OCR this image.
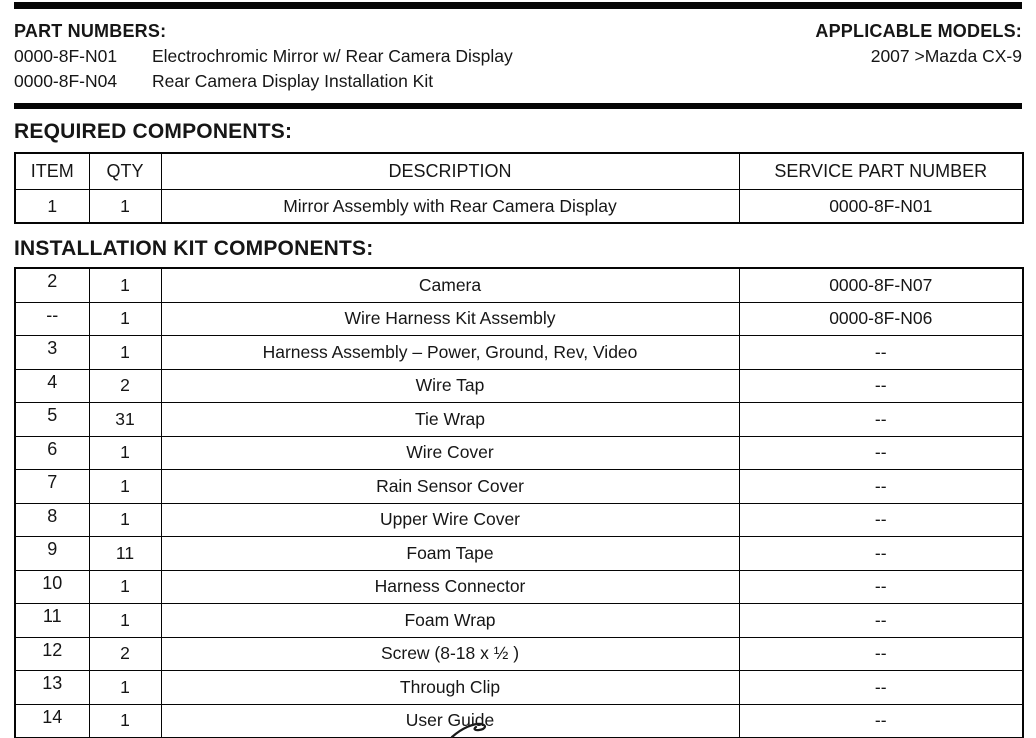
PART NUMBERS:
0000-8F-N01	Electrochromic Mirror w/ Rear Camera Display
0000-8F-N04	Rear Camera Display Installation Kit
APPLICABLE MODELS:
2007 >Mazda CX-9
REQUIRED COMPONENTS:
ITEM	QTY	DESCRIPTION	SERVICE PART NUMBER
1	1	Mirror Assembly with Rear Camera Display	0000-8F-N01
INSTALLATION KIT COMPONENTS:
2	1	Camera	0000-8F-N07
--	1	Wire Harness Kit Assembly	0000-8F-N06
3	1	Harness Assembly – Power, Ground, Rev, Video	--
4	2	Wire Tap	--
5	31	Tie Wrap	--
6	1	Wire Cover	--
7	1	Rain Sensor Cover	--
8	1	Upper Wire Cover	--
9	11	Foam Tape	--
10	1	Harness Connector	--
11	1	Foam Wrap	--
12	2	Screw (8-18 x ½ )	--
13	1	Through Clip	--
14	1	User Guide	--
